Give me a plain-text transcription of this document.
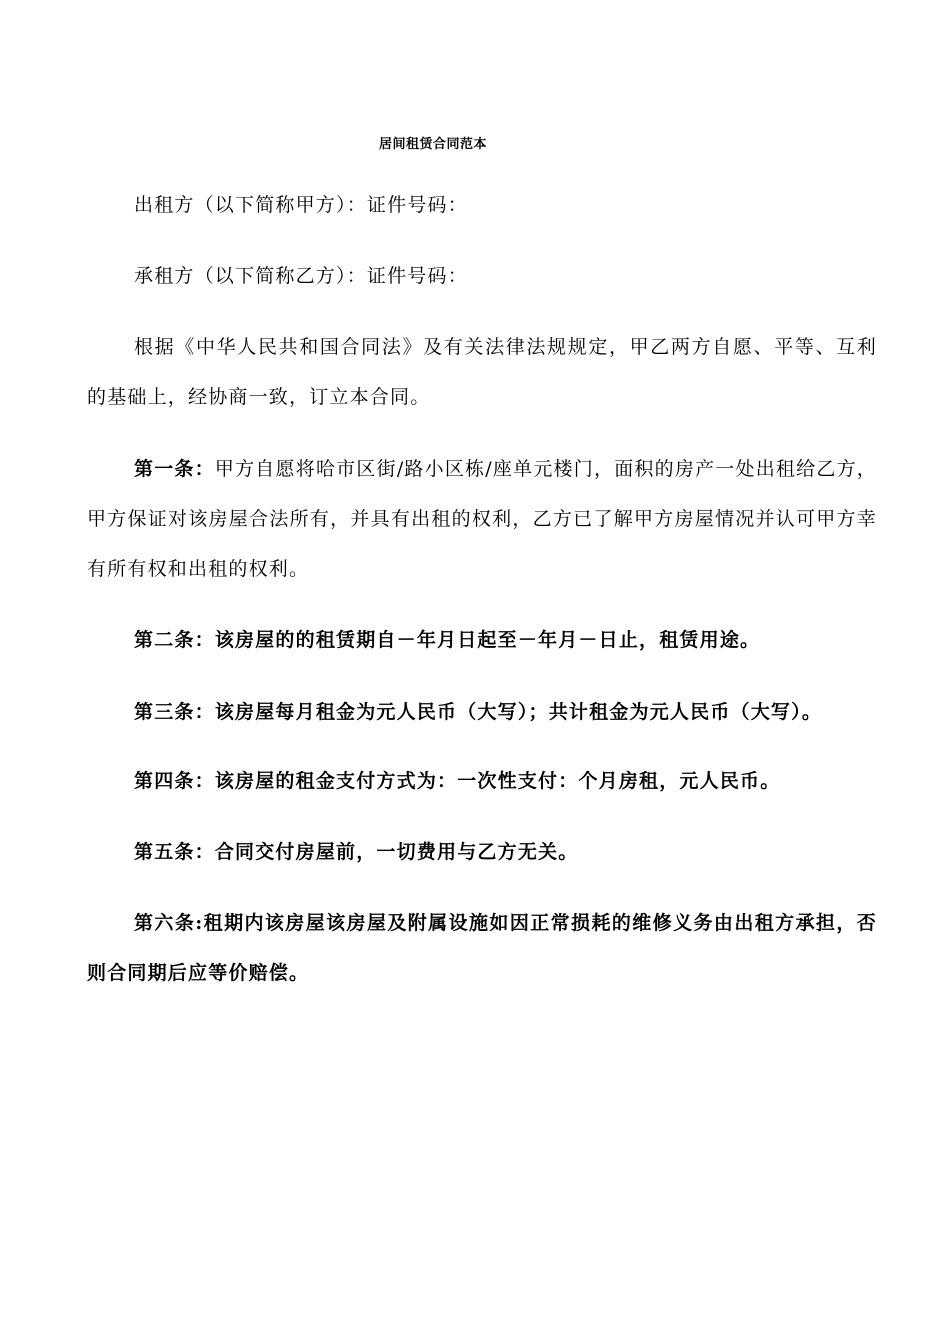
居间租赁合同范本
出租方（以下简称甲方）：证件号码：
承租方（以下简称乙方）：证件号码：
根据《中华人民共和国合同法》及有关法律法规规定，甲乙两方自愿、平等、互利的基础上，经协商一致，订立本合同。
第一条：甲方自愿将哈市区街/路小区栋/座单元楼门，面积的房产一处出租给乙方，甲方保证对该房屋合法所有，并具有出租的权利，乙方已了解甲方房屋情况并认可甲方幸有所有权和出租的权利。
第二条：该房屋的的租赁期自－年月日起至－年月－日止，租赁用途。
第三条：该房屋每月租金为元人民币（大写）；共计租金为元人民币（大写）。
第四条：该房屋的租金支付方式为：一次性支付：个月房租，元人民币。
第五条：合同交付房屋前，一切费用与乙方无关。
第六条:租期内该房屋该房屋及附属设施如因正常损耗的维修义务由出租方承担，否则合同期后应等价赔偿。
